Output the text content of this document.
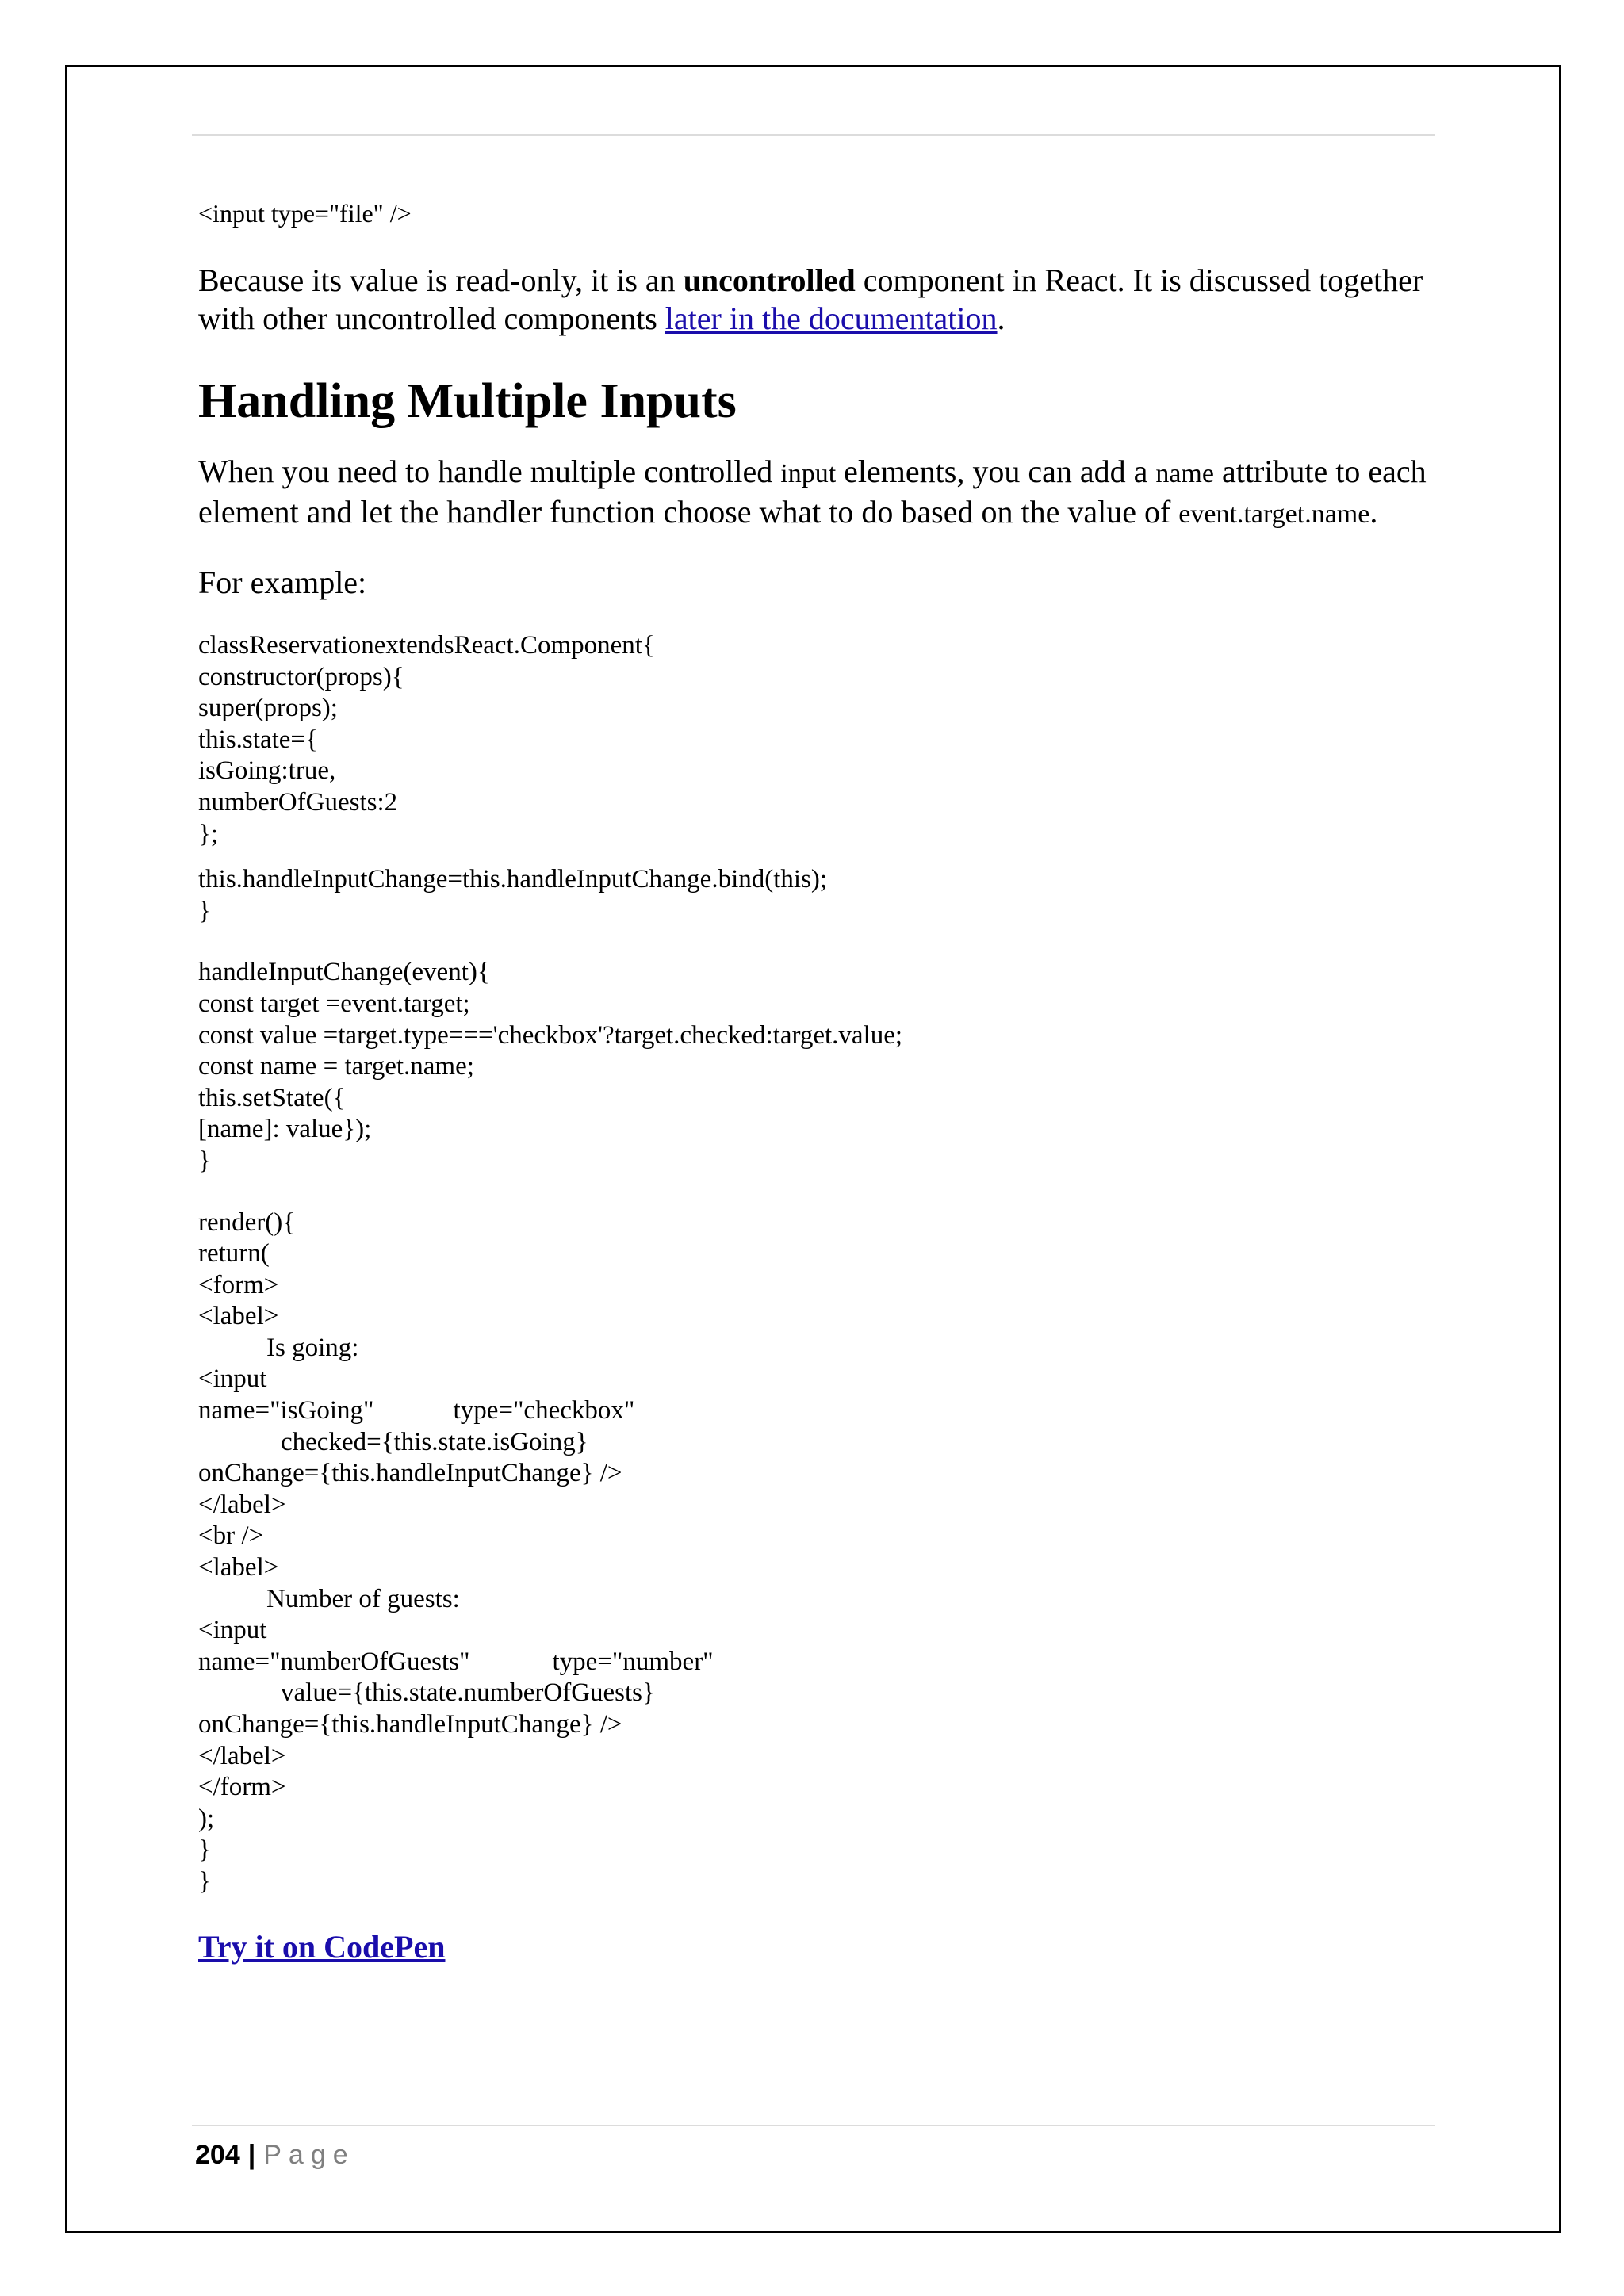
<input type="file" />

Because its value is read-only, it is an uncontrolled component in React. It is discussed together with other uncontrolled components later in the documentation.

Handling Multiple Inputs

When you need to handle multiple controlled input elements, you can add a name attribute to each element and let the handler function choose what to do based on the value of event.target.name.

For example:

classReservationextendsReact.Component{
constructor(props){
super(props);
this.state={
isGoing:true,
numberOfGuests:2
};
this.handleInputChange=this.handleInputChange.bind(this);
}
handleInputChange(event){
const target =event.target;
const value =target.type==='checkbox'?target.checked:target.value;
const name = target.name;
this.setState({
[name]: value});
}
render(){
return(
<form>
<label>
Is going:
<input
name="isGoing"	type="checkbox"
checked={this.state.isGoing}
onChange={this.handleInputChange} />
</label>
<br />
<label>
Number of guests:
<input
name="numberOfGuests"	type="number"
value={this.state.numberOfGuests}
onChange={this.handleInputChange} />
</label>
</form>
);
}
}
Try it on CodePen
204 | Page
